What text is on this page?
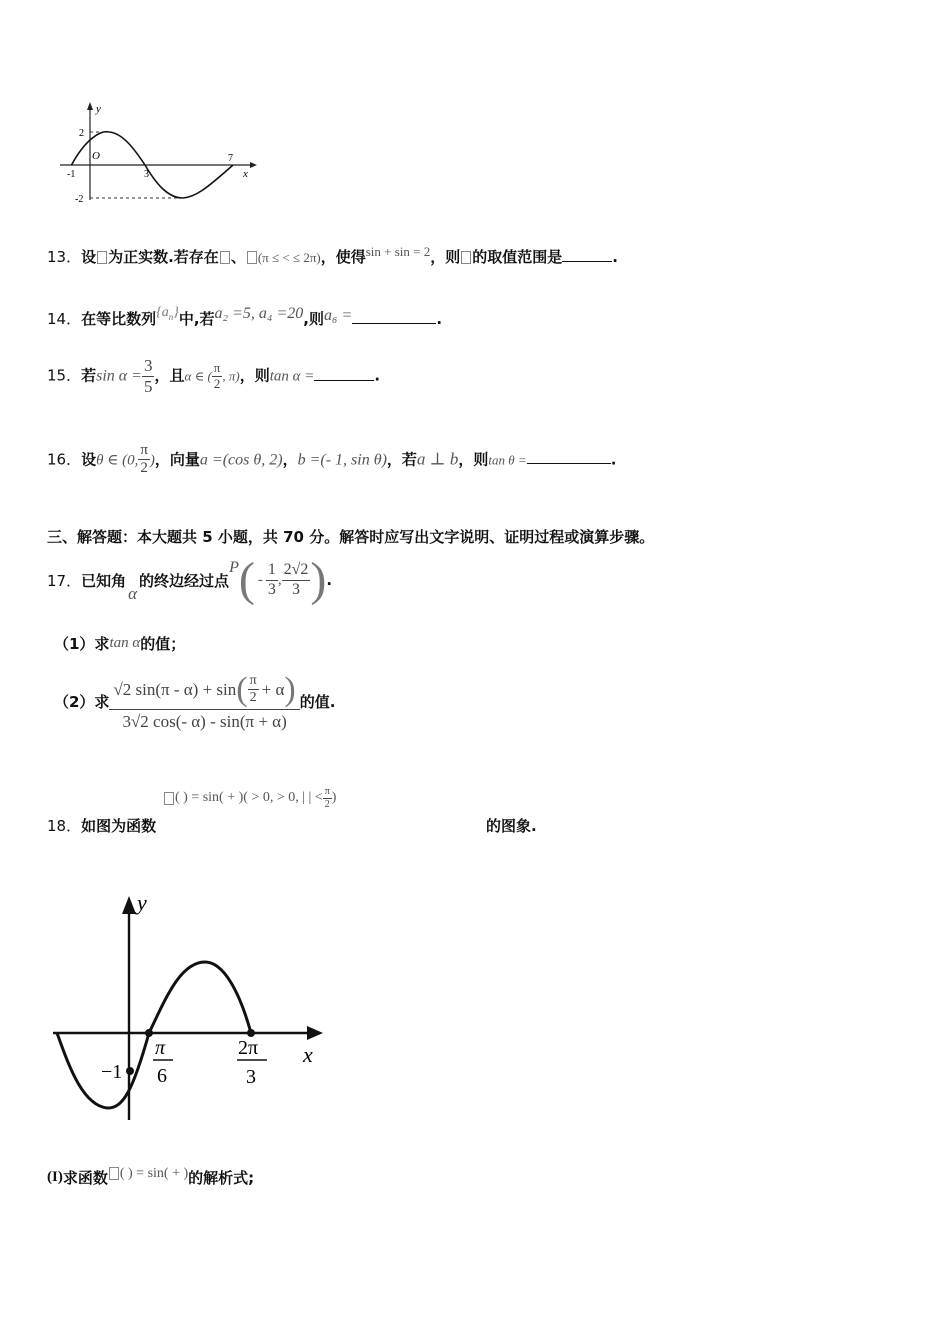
y
x
O
2
-2
-1	3
7
13．设 为正实数.若存在 、 (π ≤ < ≤ 2π)，使得sin + sin = 2，则 的取值范围是	.
14．在等比数列$\{a_n\}$中,若a₂ =5, a₄ =20,则a₆ =	.
15．若$\sin \alpha = \frac{3}{5}$ ，且α ∈ ( $\frac{\pi}{2}$ , π)，则tan α =	.
16．设θ ∈ (0, $\frac{\pi}{2}$ )，向量a =(cos θ, 2)，b =(- 1, sin θ)，若a ⊥ b，则tan θ =	.
三、解答题：本大题共 5 小题，共 70 分。解答时应写出文字说明、证明过程或演算步骤。
17． 已知角
α
的终边经过点
P ( - $\frac{1}{3}$ , $\frac{2√2}{3}$ ) .
（1）求tan α的值；
（2）求 $\frac{√2 \sin(\pi - \alpha) + \sin ( \frac{\pi}{2} + \alpha )}{3√2 \cos(- \alpha) - \sin(\pi + \alpha)}$ 的值.
( ) = sin( + )( > 0, > 0, | | < $\frac{\pi}{2}$ )
18．如图为函数	的图象.
y
x
−1
π
6
2π
3
(I) 求函数 ( ) = sin( + ) 的解析式;
